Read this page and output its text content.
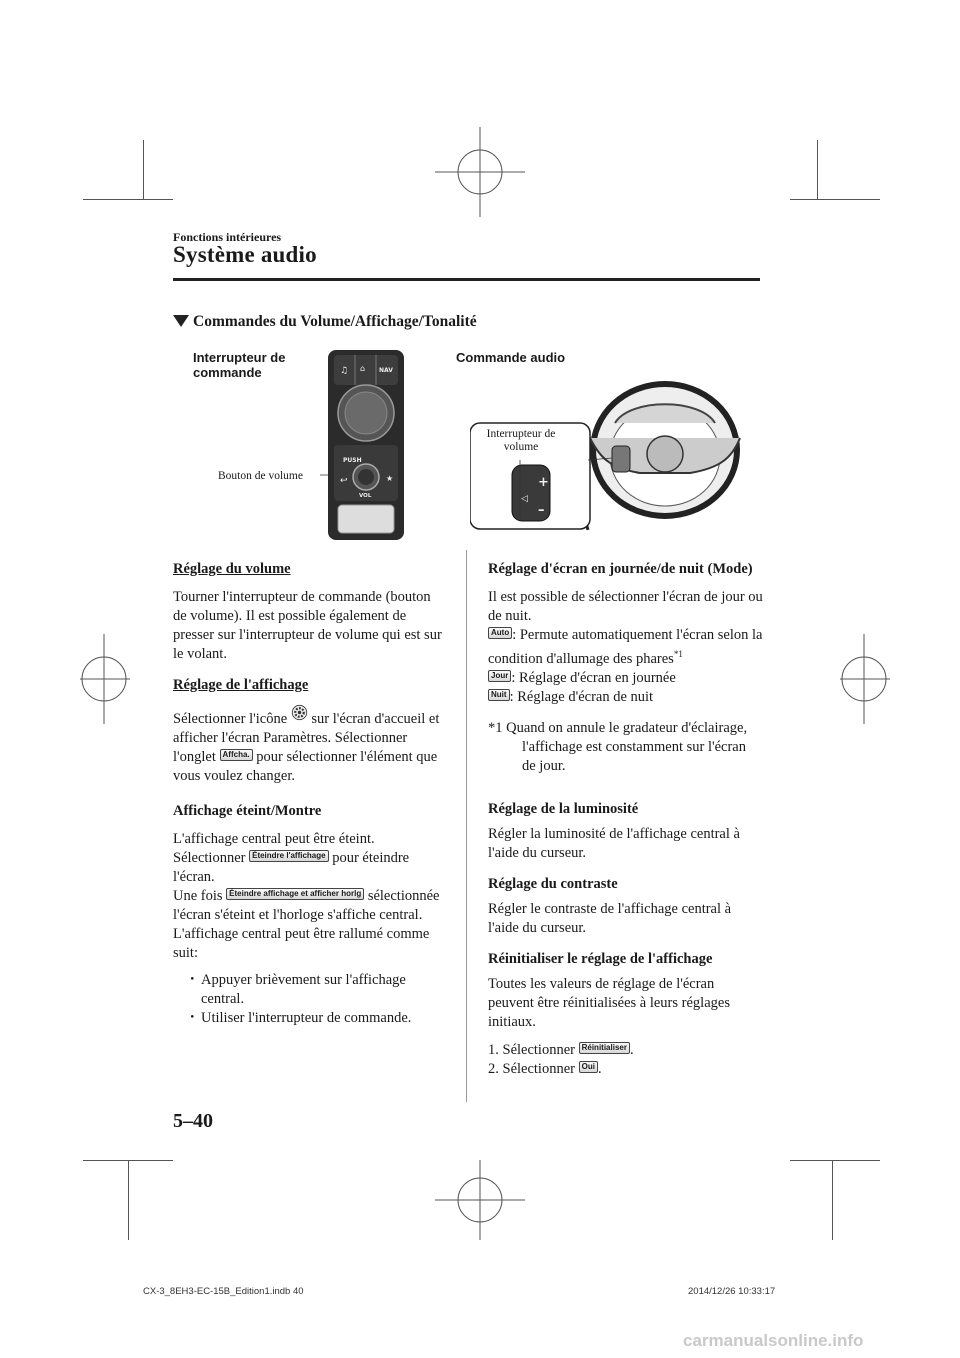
Fonctions intérieures
Système audio
Commandes du Volume/Affichage/Tonalité
Interrupteur de
commande
Bouton de volume
Commande audio
♫ ⌂ NAV
PUSH
↩	★
VOL
+
–
◁
Interrupteur de
volume

Réglage du volume

Tourner l'interrupteur de commande (bouton de volume). Il est possible également de presser sur l'interrupteur de volume qui est sur le volant.

Réglage de l'affichage

Sélectionner l'icône sur l'écran d'accueil et afficher l'écran Paramètres. Sélectionner l'onglet Affcha. pour sélectionner l'élément que vous voulez changer.

Affichage éteint/Montre

L'affichage central peut être éteint. Sélectionner Éteindre l'affichage pour éteindre l'écran.
Une fois Éteindre affichage et afficher horlg sélectionnée l'écran s'éteint et l'horloge s'affiche central.
L'affichage central peut être rallumé comme suit:

・ Appuyer brièvement sur l'affichage central.
・ Utiliser l'interrupteur de commande.

Réglage d'écran en journée/de nuit (Mode)

Il est possible de sélectionner l'écran de jour ou de nuit.

Auto : Permute automatiquement l'écran selon la condition d'allumage des phares$^{*1}$

Jour : Réglage d'écran en journée

Nuit : Réglage d'écran de nuit

*1 Quand on annule le gradateur d'éclairage, l'affichage est constamment sur l'écran de jour.

Réglage de la luminosité

Régler la luminosité de l'affichage central à l'aide du curseur.

Réglage du contraste

Régler le contraste de l'affichage central à l'aide du curseur.

Réinitialiser le réglage de l'affichage

Toutes les valeurs de réglage de l'écran peuvent être réinitialisées à leurs réglages initiaux.

1. Sélectionner Réinitialiser .

2. Sélectionner Oui .

5–40
CX-3_8EH3-EC-15B_Edition1.indb 40	2014/12/26 10:33:17
carmanualsonline.info
